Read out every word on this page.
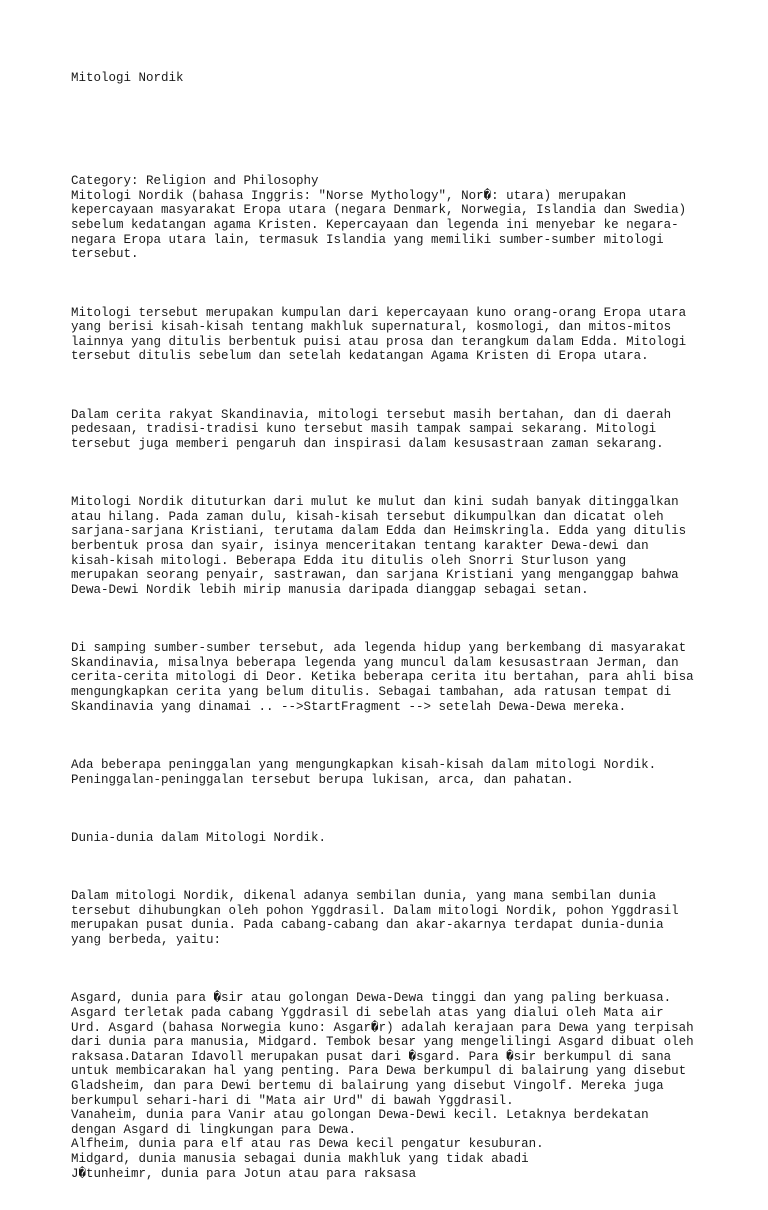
Mitologi Nordik

Category: Religion and Philosophy
Mitologi Nordik (bahasa Inggris: "Norse Mythology", Nor�: utara) merupakan
kepercayaan masyarakat Eropa utara (negara Denmark, Norwegia, Islandia dan Swedia)
sebelum kedatangan agama Kristen. Kepercayaan dan legenda ini menyebar ke negara-
negara Eropa utara lain, termasuk Islandia yang memiliki sumber-sumber mitologi
tersebut.

Mitologi tersebut merupakan kumpulan dari kepercayaan kuno orang-orang Eropa utara
yang berisi kisah-kisah tentang makhluk supernatural, kosmologi, dan mitos-mitos
lainnya yang ditulis berbentuk puisi atau prosa dan terangkum dalam Edda. Mitologi
tersebut ditulis sebelum dan setelah kedatangan Agama Kristen di Eropa utara.

Dalam cerita rakyat Skandinavia, mitologi tersebut masih bertahan, dan di daerah
pedesaan, tradisi-tradisi kuno tersebut masih tampak sampai sekarang. Mitologi
tersebut juga memberi pengaruh dan inspirasi dalam kesusastraan zaman sekarang.

Mitologi Nordik dituturkan dari mulut ke mulut dan kini sudah banyak ditinggalkan
atau hilang. Pada zaman dulu, kisah-kisah tersebut dikumpulkan dan dicatat oleh
sarjana-sarjana Kristiani, terutama dalam Edda dan Heimskringla. Edda yang ditulis
berbentuk prosa dan syair, isinya menceritakan tentang karakter Dewa-dewi dan
kisah-kisah mitologi. Beberapa Edda itu ditulis oleh Snorri Sturluson yang
merupakan seorang penyair, sastrawan, dan sarjana Kristiani yang menganggap bahwa
Dewa-Dewi Nordik lebih mirip manusia daripada dianggap sebagai setan.

Di samping sumber-sumber tersebut, ada legenda hidup yang berkembang di masyarakat
Skandinavia, misalnya beberapa legenda yang muncul dalam kesusastraan Jerman, dan
cerita-cerita mitologi di Deor. Ketika beberapa cerita itu bertahan, para ahli bisa
mengungkapkan cerita yang belum ditulis. Sebagai tambahan, ada ratusan tempat di
Skandinavia yang dinamai .. -->StartFragment --> setelah Dewa-Dewa mereka.

Ada beberapa peninggalan yang mengungkapkan kisah-kisah dalam mitologi Nordik.
Peninggalan-peninggalan tersebut berupa lukisan, arca, dan pahatan.

Dunia-dunia dalam Mitologi Nordik.

Dalam mitologi Nordik, dikenal adanya sembilan dunia, yang mana sembilan dunia
tersebut dihubungkan oleh pohon Yggdrasil. Dalam mitologi Nordik, pohon Yggdrasil
merupakan pusat dunia. Pada cabang-cabang dan akar-akarnya terdapat dunia-dunia
yang berbeda, yaitu:

Asgard, dunia para �sir atau golongan Dewa-Dewa tinggi dan yang paling berkuasa.
Asgard terletak pada cabang Yggdrasil di sebelah atas yang dialui oleh Mata air
Urd. Asgard (bahasa Norwegia kuno: Asgar�r) adalah kerajaan para Dewa yang terpisah
dari dunia para manusia, Midgard. Tembok besar yang mengelilingi Asgard dibuat oleh
raksasa.Dataran Idavoll merupakan pusat dari �sgard. Para �sir berkumpul di sana
untuk membicarakan hal yang penting. Para Dewa berkumpul di balairung yang disebut
Gladsheim, dan para Dewi bertemu di balairung yang disebut Vingolf. Mereka juga
berkumpul sehari-hari di "Mata air Urd" di bawah Yggdrasil.
Vanaheim, dunia para Vanir atau golongan Dewa-Dewi kecil. Letaknya berdekatan
dengan Asgard di lingkungan para Dewa.
Alfheim, dunia para elf atau ras Dewa kecil pengatur kesuburan.
Midgard, dunia manusia sebagai dunia makhluk yang tidak abadi
J�tunheimr, dunia para Jotun atau para raksasa
